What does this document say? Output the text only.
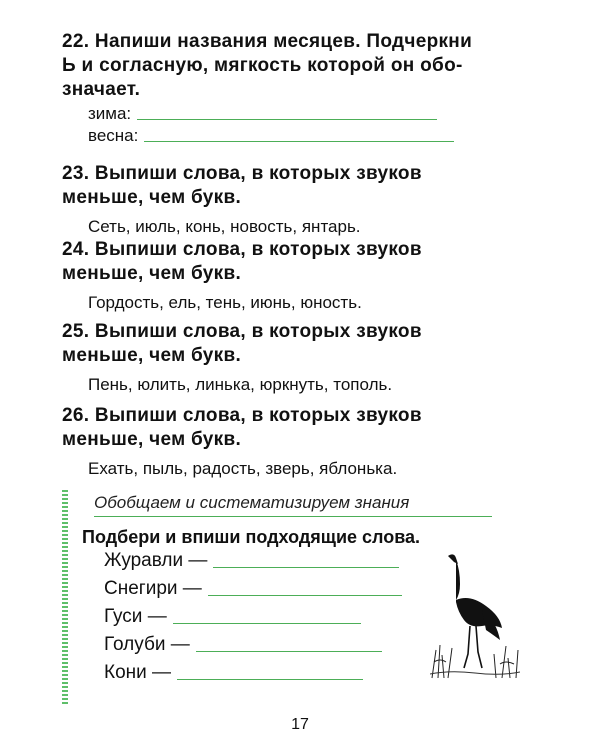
22. Напиши названия месяцев. Подчеркни
Ь и согласную, мягкость которой он обо-
значает.

зима:
весна:

23. Выпиши слова, в которых звуков
меньше, чем букв.

Сеть, июль, конь, новость, янтарь.

24. Выпиши слова, в которых звуков
меньше, чем букв.

Гордость, ель, тень, июнь, юность.

25. Выпиши слова, в которых звуков
меньше, чем букв.

Пень, юлить, линька, юркнуть, тополь.

26. Выпиши слова, в которых звуков
меньше, чем букв.

Ехать, пыль, радость, зверь, яблонька.

Обобщаем и систематизируем знания
Подбери и впиши подходящие слова.
Журавли —
Снегири —
Гуси —
Голуби —
Кони —
17
